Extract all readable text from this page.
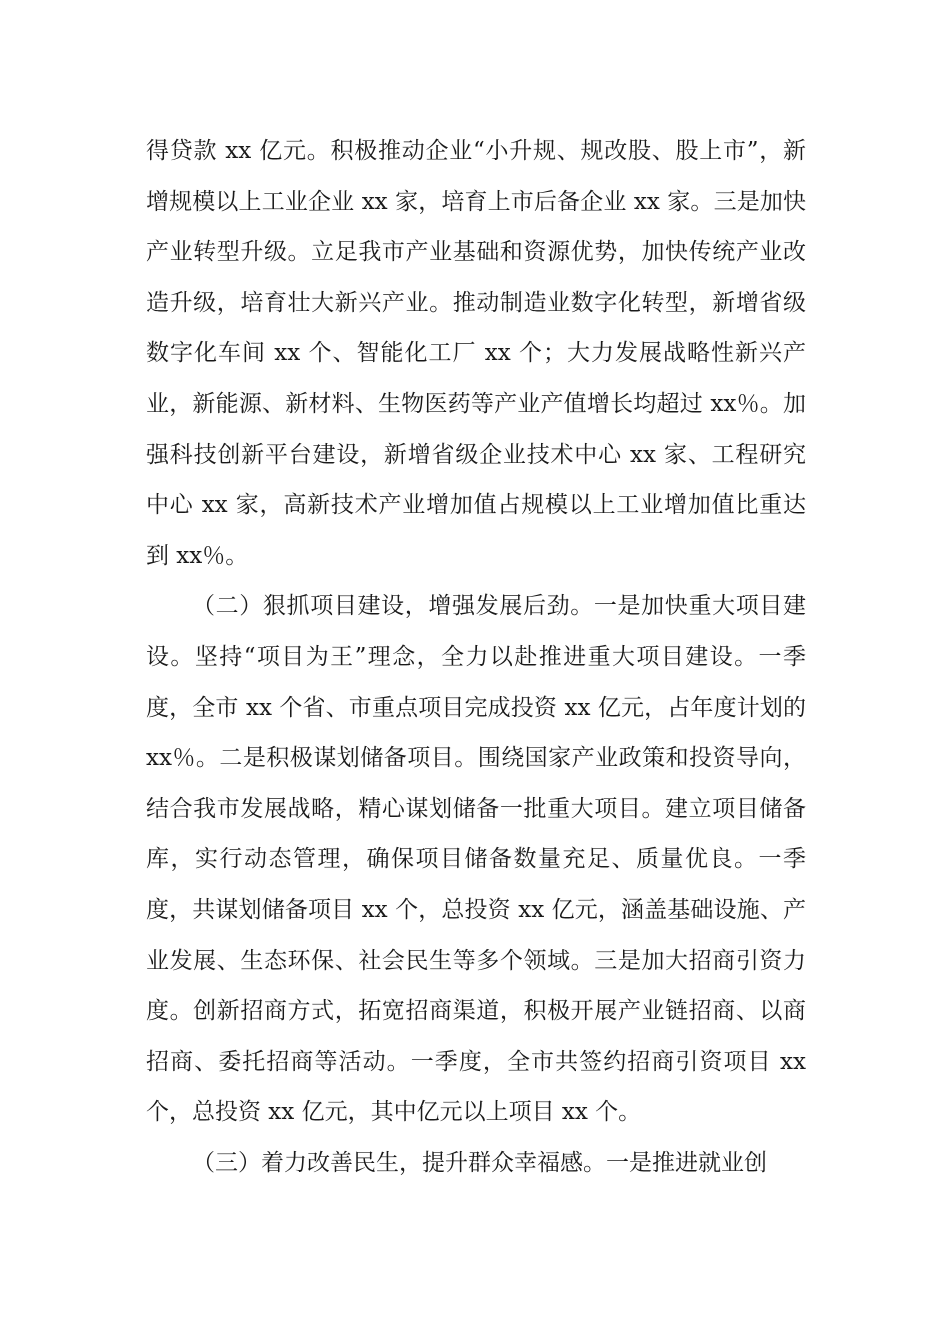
得贷款 xx 亿元。积极推动企业“小升规、规改股、股上市”，新增规模以上工业企业 xx 家，培育上市后备企业 xx 家。三是加快产业转型升级。立足我市产业基础和资源优势，加快传统产业改造升级，培育壮大新兴产业。推动制造业数字化转型，新增省级数字化车间 xx 个、智能化工厂 xx 个；大力发展战略性新兴产业，新能源、新材料、生物医药等产业产值增长均超过 xx％。加强科技创新平台建设，新增省级企业技术中心 xx 家、工程研究中心 xx 家，高新技术产业增加值占规模以上工业增加值比重达到 xx％。

（二）狠抓项目建设，增强发展后劲。一是加快重大项目建设。坚持“项目为王”理念，全力以赴推进重大项目建设。一季度，全市 xx 个省、市重点项目完成投资 xx 亿元，占年度计划的 xx％。二是积极谋划储备项目。围绕国家产业政策和投资导向，结合我市发展战略，精心谋划储备一批重大项目。建立项目储备库，实行动态管理，确保项目储备数量充足、质量优良。一季度，共谋划储备项目 xx 个，总投资 xx 亿元，涵盖基础设施、产业发展、生态环保、社会民生等多个领域。三是加大招商引资力度。创新招商方式，拓宽招商渠道，积极开展产业链招商、以商招商、委托招商等活动。一季度，全市共签约招商引资项目 xx 个，总投资 xx 亿元，其中亿元以上项目 xx 个。

（三）着力改善民生，提升群众幸福感。一是推进就业创
